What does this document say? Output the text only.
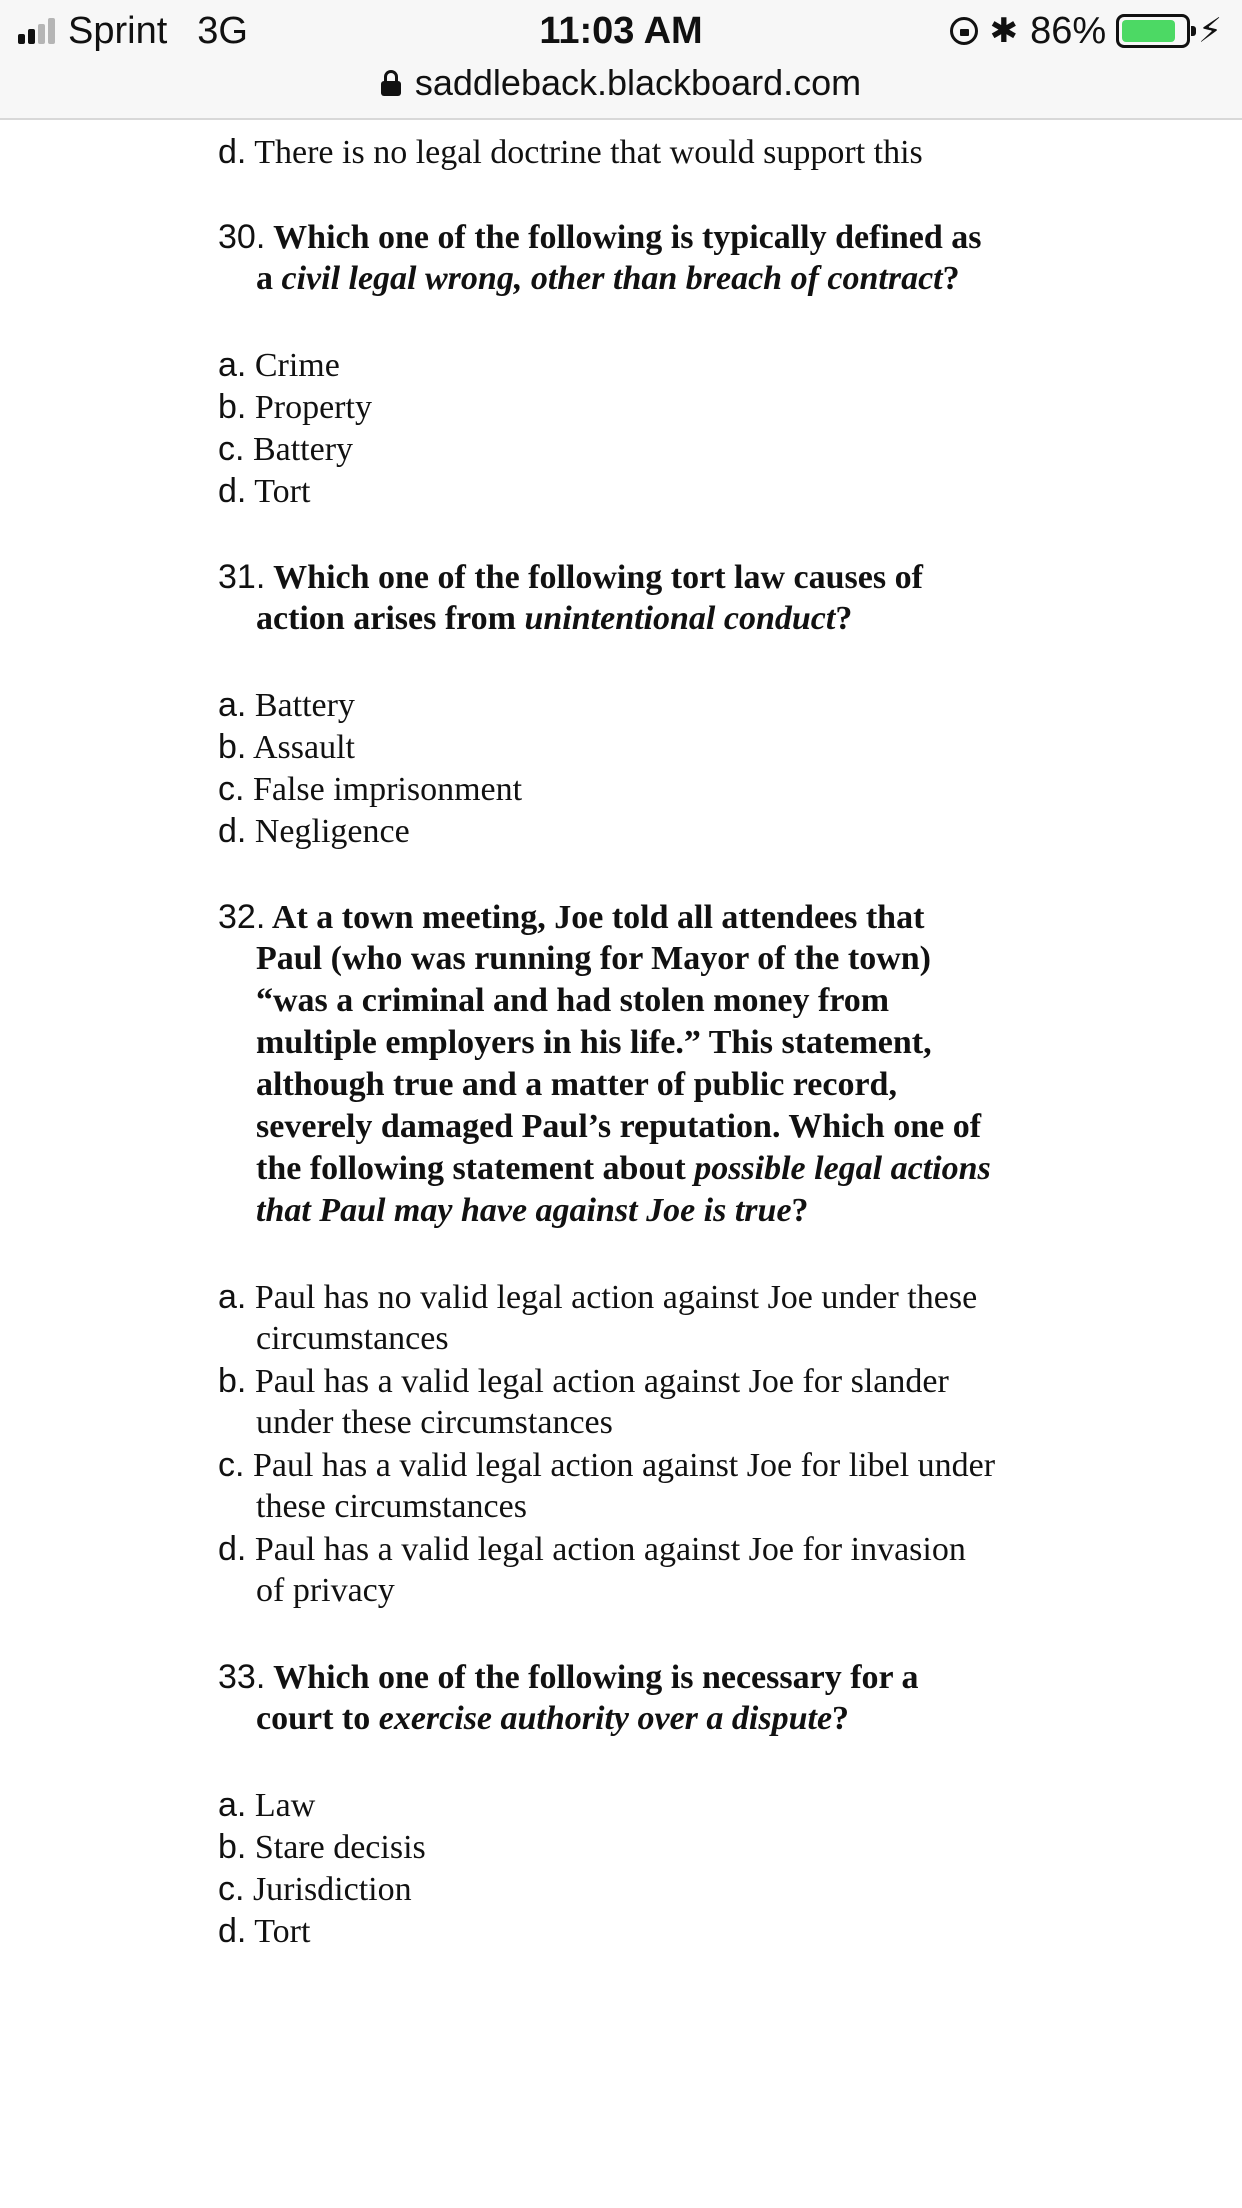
d. There is no legal doctrine that would support this
30. Which one of the following is typically defined as
a civil legal wrong, other than breach of contract?
a. Crime
b. Property
c. Battery
d. Tort
31. Which one of the following tort law causes of
action arises from unintentional conduct?
a. Battery
b. Assault
c. False imprisonment
d. Negligence
32. At a town meeting, Joe told all attendees that
Paul (who was running for Mayor of the town)
“was a criminal and had stolen money from
multiple employers in his life.” This statement,
although true and a matter of public record,
severely damaged Paul’s reputation. Which one of
the following statement about possible legal actions
that Paul may have against Joe is true?
a. Paul has no valid legal action against Joe under these
circumstances
b. Paul has a valid legal action against Joe for slander
under these circumstances
c. Paul has a valid legal action against Joe for libel under
these circumstances
d. Paul has a valid legal action against Joe for invasion
of privacy
33. Which one of the following is necessary for a
court to exercise authority over a dispute?
a. Law
b. Stare decisis
c. Jurisdiction
d. Tort
Sprint 3G	11:03 AM	✱ 86%	⚡
saddleback.blackboard.com
